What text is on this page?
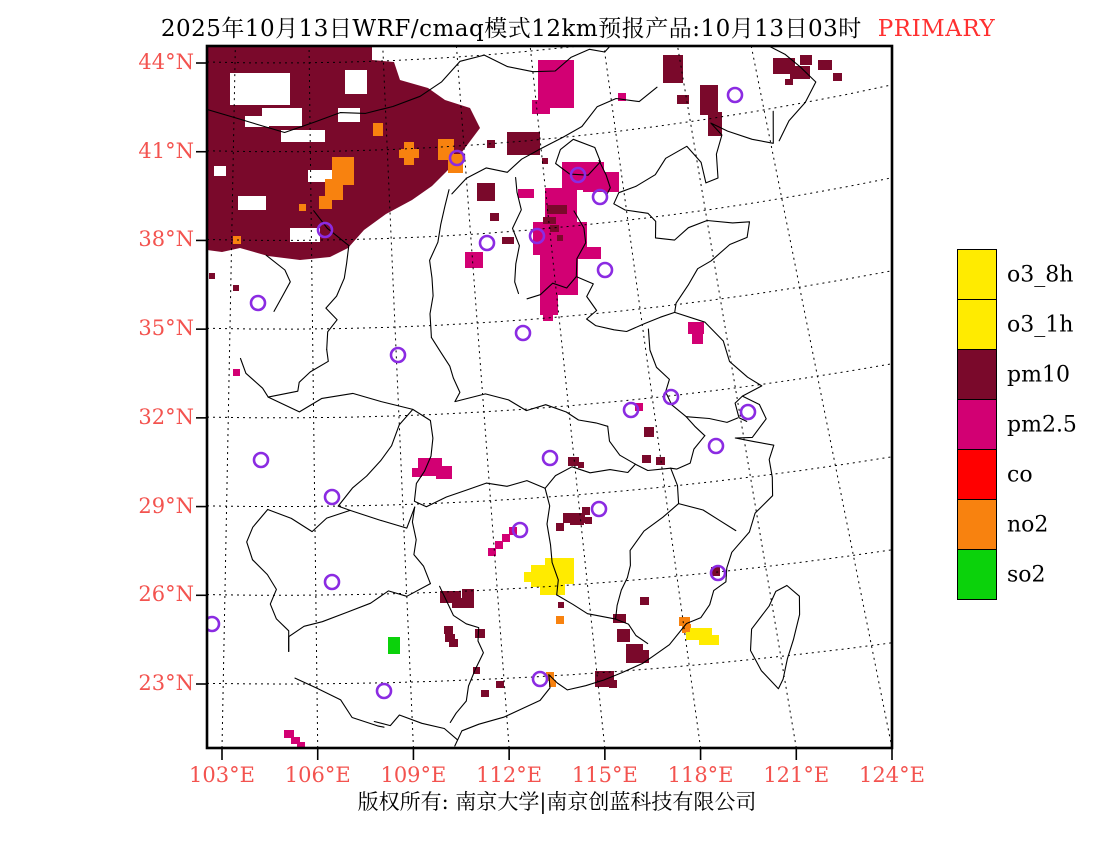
2025年10月13日WRF/cmaq模式12km预报产品:10月13日03时 PRIMARY
44°N
41°N
38°N
35°N
32°N
29°N
26°N
23°N
103°E 106°E 109°E 112°E 115°E 118°E 121°E 124°E
o3_8h
o3_1h
pm10
pm2.5
co
no2
so2
版权所有: 南京大学|南京创蓝科技有限公司
